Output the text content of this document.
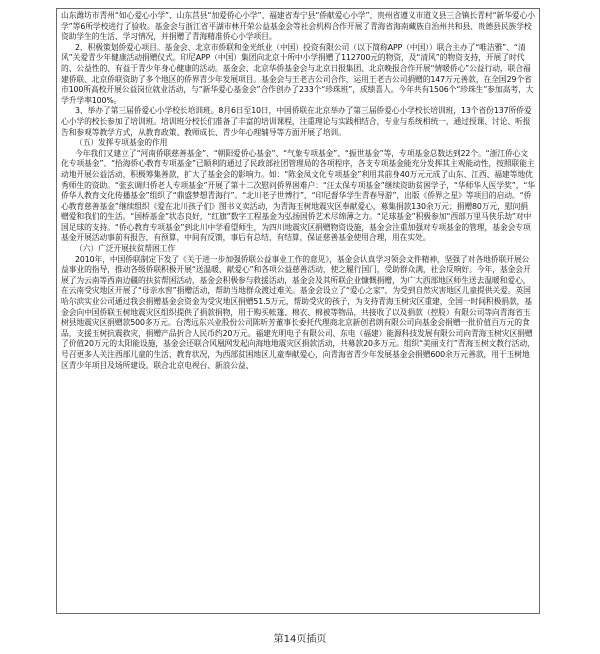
山东潍坊市青州“如心爱心小学”、山东莒县“加爱侨心小学”、福建省寿宁县“侨献爱心小学”、贵州省遵义市道义县三合镇长青村“新华爱心小学”等6所学校进行了验收。基金会与浙江省平湖市林开荣公益基金会等社会机构合作开展了青海省海南藏族自治州共和县、贵德县民族学校资助学生的生活、学习情况，并捐赠了青海精准侨心小学项目。

2、积极策划侨爱心项目。基金会、北京市侨联和金光纸业（中国）投资有限公司（以下简称APP（中国））联合主办了“唯洁雅”、“清风”关爱青少年健康活动捐赠仪式。印尼APP（中国）集团向北京十所中小学捐赠了112700元的物资，及“清风”的物资支持，开展了时代的、公益性的、有益于青少年身心健康的活动。基金会、北京华侨基金会与北京日报集团、北京晚报合作开展“情暖侨心”公益行动，联合福建侨联、北京侨联资助了多个地区的侨界青少年发展项目。基金会与王老吉公司合作，运用王老吉公司捐赠的147万元善款，在全国29个省市100所高校开展公益岗位就业活动，与“新华爱心基金会”合作创办了233个“珍珠班”，成绩喜人。今年共有1506个“珍珠生”参加高考，大学升学率100%。

3、举办了第三届侨爱心小学校长培训班。8月6日至10日，中国侨联在北京举办了第三届侨爱心小学校长培训班，13个省份137所侨爱心小学的校长参加了培训班。培训班分校长们准备了丰富的培训课程，注重理论与实践相结合，专业与系统相统一，通过授课、讨论、听报告和参观等教学方式，从教育政策、教师成长、青少年心理辅导等方面开展了培训。

（五）发挥专项基金的作用

今年我们又建立了“河南侨联慈善基金”、“朝阳爱侨心基金”、“气象专项基金”、“振世基金”等，专项基金总数达到22个。“浙江侨心文化专项基金”、“拾海侨心教育专项基金”已顺利的通过了民政部社团管理局的各项程序，各支专项基金能充分发挥其主观能动性，按照联能主动地开展公益活动，积极筹集善款，扩大了基金会的影响力。如：“陈金凤文化专项基金”利用其前身40万元元成了山东、江西、福建等地优秀师生的资助。“张玄调归侨老人专项基金”开展了第十二次慰问侨界困难户：“汪太保专项基金”继续资助贫困学子，“华师华人医学奖”、“华侨华人教育文化传播基金”组织了“鼎盛梦想青海行”。“北川老子世博行”、“印尼督华学生青春导游”，出版《侨界之星》等项目的启动。“侨心教育慈善基金”继续组织《爱在北川孩子们》图书义卖活动，为青海玉树地震灾区奉献爱心，募集捐款130余万元；捐赠80万元，慰问捐赠爱和我们的生活。“国桥基金”状态良好，“红旗”数字工程基金为弘扬国侨艺术尽绵薄之力。“足球基金”积极参加“西部万里马侠乐劫”对中国足球的支持。“侨心教育专项基金”到北川中学看望师生，为四川地震灾区捐赠物资设施，基金会注重加强对专项基金的管理，基金会专项基金开展活动事前有报告，有预算，中间有反馈，事后有总结，有结算，保证慈善基金使用合理，用在实处。

（六）广泛开展扶贫帮困工作

2010年，中国侨联制定下发了《关于进一步加强侨联公益事业工作的意见》，基金会认真学习领会文件精神，坚强了对各地侨联开展公益事业的指导，推动各级侨联积极开展“送温暖、献爱心”和各项公益慈善活动，使之履行国门，受助群众满，社会反响好。今年，基金会开展了为云南等西南边疆的扶贫帮困活动，基金会积极参与救援活动，基金会及其所联企业慷慨捐赠，为广大西部地区师生送去温暖和爱心，在云南受灾地区开展了“母亲水窖”捐赠活动，帮助当地群众渡过难关。基金会设立了“爱心之家”，为受到自然灾害地区儿童提供关爱。英国哈尔滨实业公司通过我会捐赠基金会资金为受灾地区捐赠51.5万元，帮助受灾的孩子，为支持青海玉树灾区重建，全国一时间积极捐款，基金会向中国侨联玉树地震灾区组织提供了捐款捐物，用于购买帐篷、棉衣、棉被等物品，共接收了以及捐款（控股）有限公司等向青海省玉树县地震灾区捐赠款500多万元。台湾远东兴业股份公司陈昕芳董事长委托代理商北京新创君朗有限公司向基金会捐赠一批价值百万元的食品，支援玉树抗震救灾，捐赠产品折合人民币约20万元。福建光明电子有限公司、东电（福建）能源科技发展有限公司向青海玉树灾区捐赠了价值20万元的太阳能设施，基金会还联合风凰网发起向海地地震灾区捐款活动，共募款20多万元。组织“美丽支行”青海玉树文教行活动，号召更多人关注西部儿童的生活、教育状况，为西部贫困地区儿童奉献爱心，向青海省青少年发展基金会捐赠600余万元善款，用于玉树地区青少年项目及场所建设。联合北京电视台、新浪公益、

第14页插页
